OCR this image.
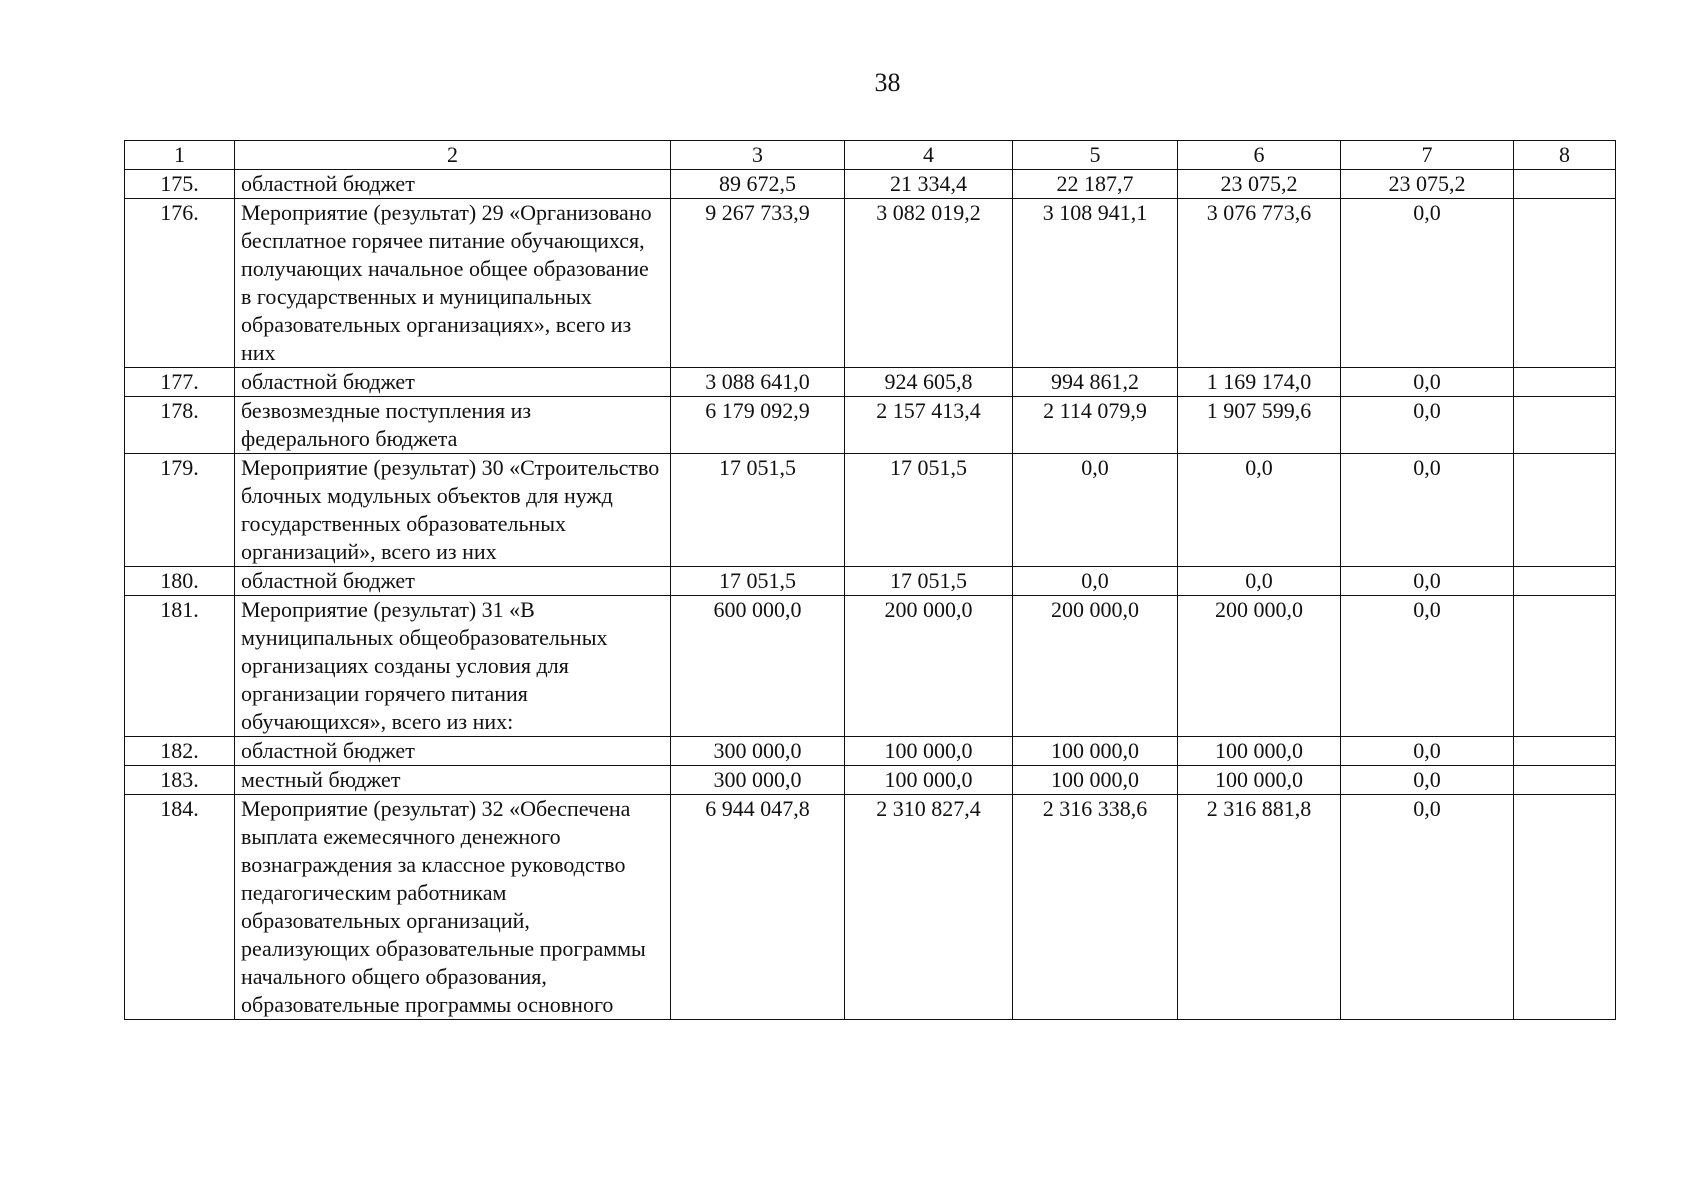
38
1	2	3	4	5	6	7	8
175.	областной бюджет	89 672,5	21 334,4	22 187,7	23 075,2	23 075,2	
176.	Мероприятие (результат) 29 «Организовано бесплатное горячее питание обучающихся, получающих начальное общее образование в государственных и муниципальных образовательных организациях», всего из них	9 267 733,9	3 082 019,2	3 108 941,1	3 076 773,6	0,0	
177.	областной бюджет	3 088 641,0	924 605,8	994 861,2	1 169 174,0	0,0	
178.	безвозмездные поступления из федерального бюджета	6 179 092,9	2 157 413,4	2 114 079,9	1 907 599,6	0,0	
179.	Мероприятие (результат) 30 «Строительство блочных модульных объектов для нужд государственных образовательных организаций», всего из них	17 051,5	17 051,5	0,0	0,0	0,0	
180.	областной бюджет	17 051,5	17 051,5	0,0	0,0	0,0	
181.	Мероприятие (результат) 31 «В муниципальных общеобразовательных организациях созданы условия для организации горячего питания обучающихся», всего из них:	600 000,0	200 000,0	200 000,0	200 000,0	0,0	
182.	областной бюджет	300 000,0	100 000,0	100 000,0	100 000,0	0,0	
183.	местный бюджет	300 000,0	100 000,0	100 000,0	100 000,0	0,0	
184.	Мероприятие (результат) 32 «Обеспечена выплата ежемесячного денежного вознаграждения за классное руководство педагогическим работникам образовательных организаций, реализующих образовательные программы начального общего образования, образовательные программы основного	6 944 047,8	2 310 827,4	2 316 338,6	2 316 881,8	0,0	
